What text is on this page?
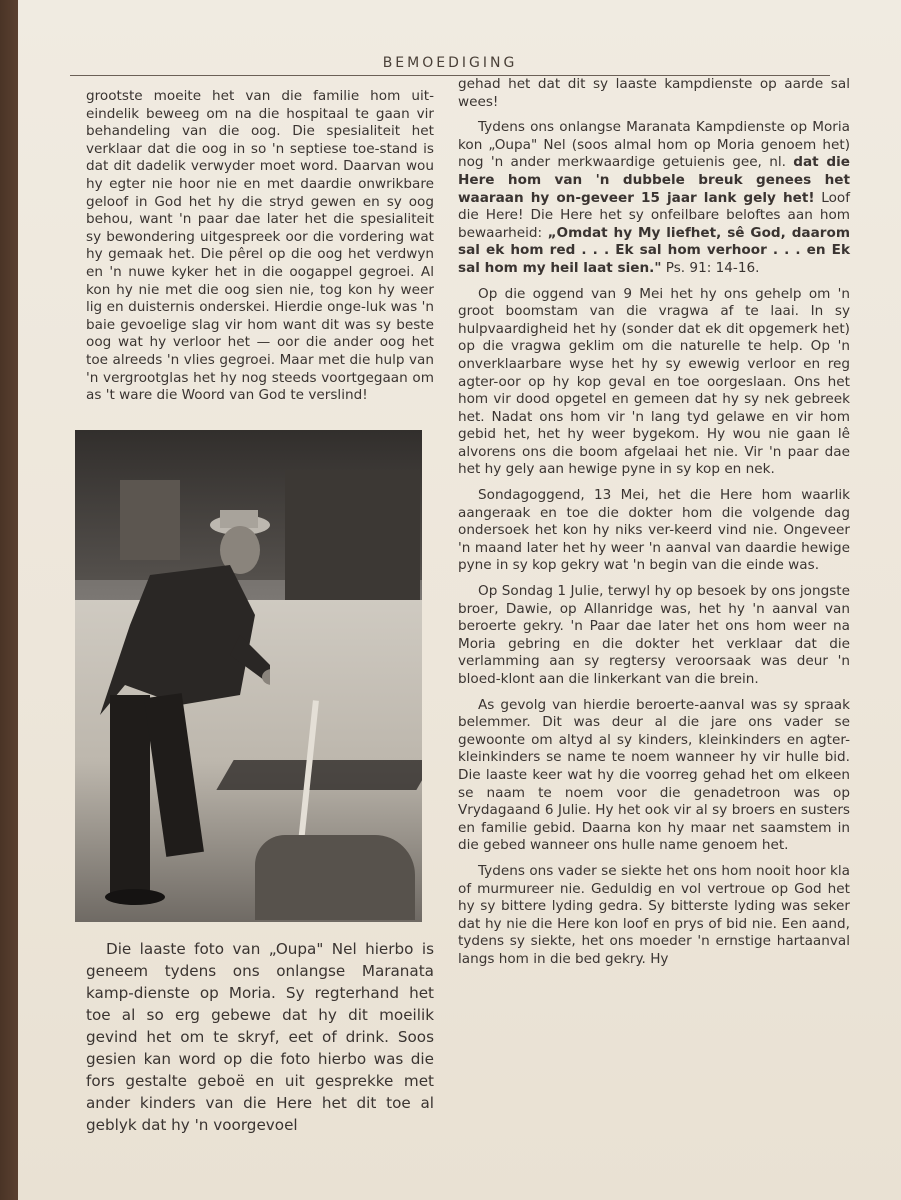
BEMOEDIGING

grootste moeite het van die familie hom uit-eindelik beweeg om na die hospitaal te gaan vir behandeling van die oog. Die spesialiteit het verklaar dat die oog in so 'n septiese toe-stand is dat dit dadelik verwyder moet word. Daarvan wou hy egter nie hoor nie en met daardie onwrikbare geloof in God het hy die stryd gewen en sy oog behou, want 'n paar dae later het die spesialiteit sy bewondering uitgespreek oor die vordering wat hy gemaak het. Die pêrel op die oog het verdwyn en 'n nuwe kyker het in die oogappel gegroei. Al kon hy nie met die oog sien nie, tog kon hy weer lig en duisternis onderskei. Hierdie onge-luk was 'n baie gevoelige slag vir hom want dit was sy beste oog wat hy verloor het — oor die ander oog het toe alreeds 'n vlies gegroei. Maar met die hulp van 'n vergrootglas het hy nog steeds voortgegaan om as 't ware die Woord van God te verslind!

Die laaste foto van „Oupa" Nel hierbo is geneem tydens ons onlangse Maranata kamp-dienste op Moria. Sy regterhand het toe al so erg gebewe dat hy dit moeilik gevind het om te skryf, eet of drink. Soos gesien kan word op die foto hierbo was die fors gestalte geboë en uit gesprekke met ander kinders van die Here het dit toe al geblyk dat hy 'n voorgevoel

gehad het dat dit sy laaste kampdienste op aarde sal wees!

Tydens ons onlangse Maranata Kampdienste op Moria kon „Oupa" Nel (soos almal hom op Moria genoem het) nog 'n ander merkwaardige getuienis gee, nl. dat die Here hom van 'n dubbele breuk genees het waaraan hy on-geveer 15 jaar lank gely het! Loof die Here! Die Here het sy onfeilbare beloftes aan hom bewaarheid: „Omdat hy My liefhet, sê God, daarom sal ek hom red . . . Ek sal hom verhoor . . . en Ek sal hom my heil laat sien." Ps. 91: 14-16.

Op die oggend van 9 Mei het hy ons gehelp om 'n groot boomstam van die vragwa af te laai. In sy hulpvaardigheid het hy (sonder dat ek dit opgemerk het) op die vragwa geklim om die naturelle te help. Op 'n onverklaarbare wyse het hy sy ewewig verloor en reg agter-oor op hy kop geval en toe oorgeslaan. Ons het hom vir dood opgetel en gemeen dat hy sy nek gebreek het. Nadat ons hom vir 'n lang tyd gelawe en vir hom gebid het, het hy weer bygekom. Hy wou nie gaan lê alvorens ons die boom afgelaai het nie. Vir 'n paar dae het hy gely aan hewige pyne in sy kop en nek.

Sondagoggend, 13 Mei, het die Here hom waarlik aangeraak en toe die dokter hom die volgende dag ondersoek het kon hy niks ver-keerd vind nie. Ongeveer 'n maand later het hy weer 'n aanval van daardie hewige pyne in sy kop gekry wat 'n begin van die einde was.

Op Sondag 1 Julie, terwyl hy op besoek by ons jongste broer, Dawie, op Allanridge was, het hy 'n aanval van beroerte gekry. 'n Paar dae later het ons hom weer na Moria gebring en die dokter het verklaar dat die verlamming aan sy regtersy veroorsaak was deur 'n bloed-klont aan die linkerkant van die brein.

As gevolg van hierdie beroerte-aanval was sy spraak belemmer. Dit was deur al die jare ons vader se gewoonte om altyd al sy kinders, kleinkinders en agter-kleinkinders se name te noem wanneer hy vir hulle bid. Die laaste keer wat hy die voorreg gehad het om elkeen se naam te noem voor die genadetroon was op Vrydagaand 6 Julie. Hy het ook vir al sy broers en susters en familie gebid. Daarna kon hy maar net saamstem in die gebed wanneer ons hulle name genoem het.

Tydens ons vader se siekte het ons hom nooit hoor kla of murmureer nie. Geduldig en vol vertroue op God het hy sy bittere lyding gedra. Sy bitterste lyding was seker dat hy nie die Here kon loof en prys of bid nie. Een aand, tydens sy siekte, het ons moeder 'n ernstige hartaanval langs hom in die bed gekry. Hy
